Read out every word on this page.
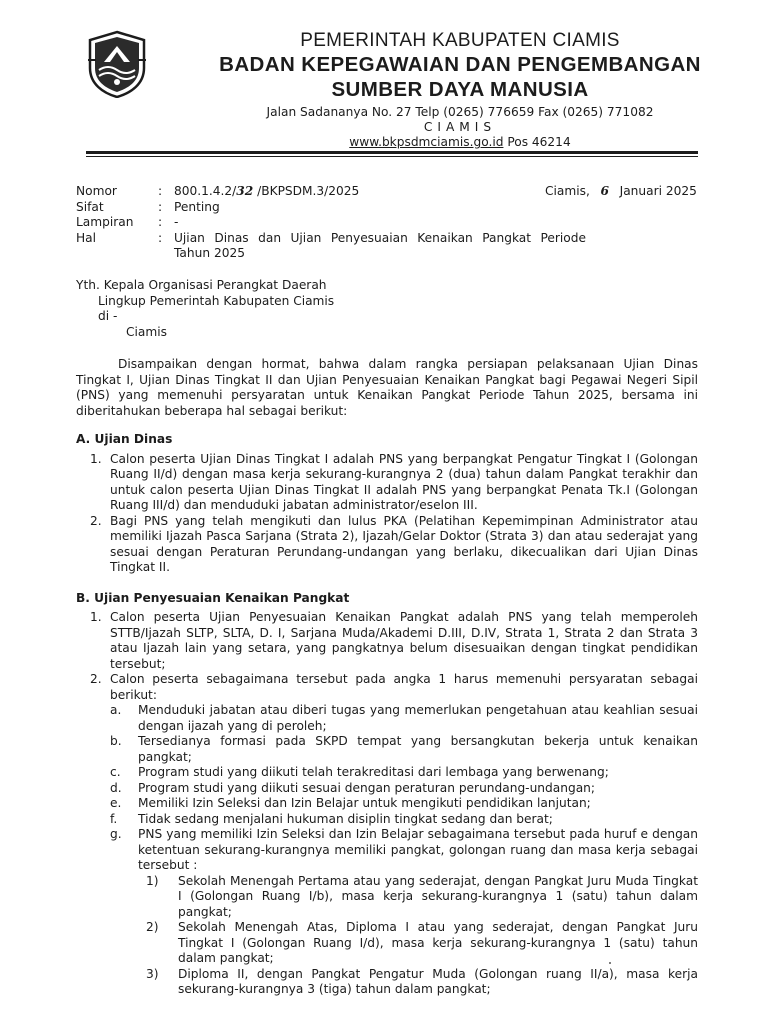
PEMERINTAH KABUPATEN CIAMIS
BADAN KEPEGAWAIAN DAN PENGEMBANGAN
SUMBER DAYA MANUSIA
Jalan Sadananya No. 27 Telp (0265) 776659 Fax (0265) 771082
CIAMIS
www.bkpsdmciamis.go.id Pos 46214
Nomor	: 800.1.4.2/32 /BKPSDM.3/2025
Sifat	: Penting
Lampiran	: -
Hal	: Ujian Dinas dan Ujian Penyesuaian Kenaikan Pangkat Periode Tahun 2025
Ciamis, 6 Januari 2025
Yth. Kepala Organisasi Perangkat Daerah
Lingkup Pemerintah Kabupaten Ciamis
di -
Ciamis
Disampaikan dengan hormat, bahwa dalam rangka persiapan pelaksanaan Ujian Dinas Tingkat I, Ujian Dinas Tingkat II dan Ujian Penyesuaian Kenaikan Pangkat bagi Pegawai Negeri Sipil (PNS) yang memenuhi persyaratan untuk Kenaikan Pangkat Periode Tahun 2025, bersama ini diberitahukan beberapa hal sebagai berikut:
A. Ujian Dinas
1. Calon peserta Ujian Dinas Tingkat I adalah PNS yang berpangkat Pengatur Tingkat I (Golongan Ruang II/d) dengan masa kerja sekurang-kurangnya 2 (dua) tahun dalam Pangkat terakhir dan untuk calon peserta Ujian Dinas Tingkat II adalah PNS yang berpangkat Penata Tk.I (Golongan Ruang III/d) dan menduduki jabatan administrator/eselon III.
2. Bagi PNS yang telah mengikuti dan lulus PKA (Pelatihan Kepemimpinan Administrator atau memiliki Ijazah Pasca Sarjana (Strata 2), Ijazah/Gelar Doktor (Strata 3) dan atau sederajat yang sesuai dengan Peraturan Perundang-undangan yang berlaku, dikecualikan dari Ujian Dinas Tingkat II.
B. Ujian Penyesuaian Kenaikan Pangkat
1. Calon peserta Ujian Penyesuaian Kenaikan Pangkat adalah PNS yang telah memperoleh STTB/Ijazah SLTP, SLTA, D. I, Sarjana Muda/Akademi D.III, D.IV, Strata 1, Strata 2 dan Strata 3 atau Ijazah lain yang setara, yang pangkatnya belum disesuaikan dengan tingkat pendidikan tersebut;
2. Calon peserta sebagaimana tersebut pada angka 1 harus memenuhi persyaratan sebagai berikut:
a.	Menduduki jabatan atau diberi tugas yang memerlukan pengetahuan atau keahlian sesuai dengan ijazah yang di peroleh;
b.	Tersedianya formasi pada SKPD tempat yang bersangkutan bekerja untuk kenaikan pangkat;
c.	Program studi yang diikuti telah terakreditasi dari lembaga yang berwenang;
d.	Program studi yang diikuti sesuai dengan peraturan perundang-undangan;
e.	Memiliki Izin Seleksi dan Izin Belajar untuk mengikuti pendidikan lanjutan;
f.	Tidak sedang menjalani hukuman disiplin tingkat sedang dan berat;
g.	PNS yang memiliki Izin Seleksi dan Izin Belajar sebagaimana tersebut pada huruf e dengan ketentuan sekurang-kurangnya memiliki pangkat, golongan ruang dan masa kerja sebagai tersebut :
1)	Sekolah Menengah Pertama atau yang sederajat, dengan Pangkat Juru Muda Tingkat I (Golongan Ruang I/b), masa kerja sekurang-kurangnya 1 (satu) tahun dalam pangkat;
2)	Sekolah Menengah Atas, Diploma I atau yang sederajat, dengan Pangkat Juru Tingkat I (Golongan Ruang I/d), masa kerja sekurang-kurangnya 1 (satu) tahun dalam pangkat;
3)	Diploma II, dengan Pangkat Pengatur Muda (Golongan ruang II/a), masa kerja sekurang-kurangnya 3 (tiga) tahun dalam pangkat;
